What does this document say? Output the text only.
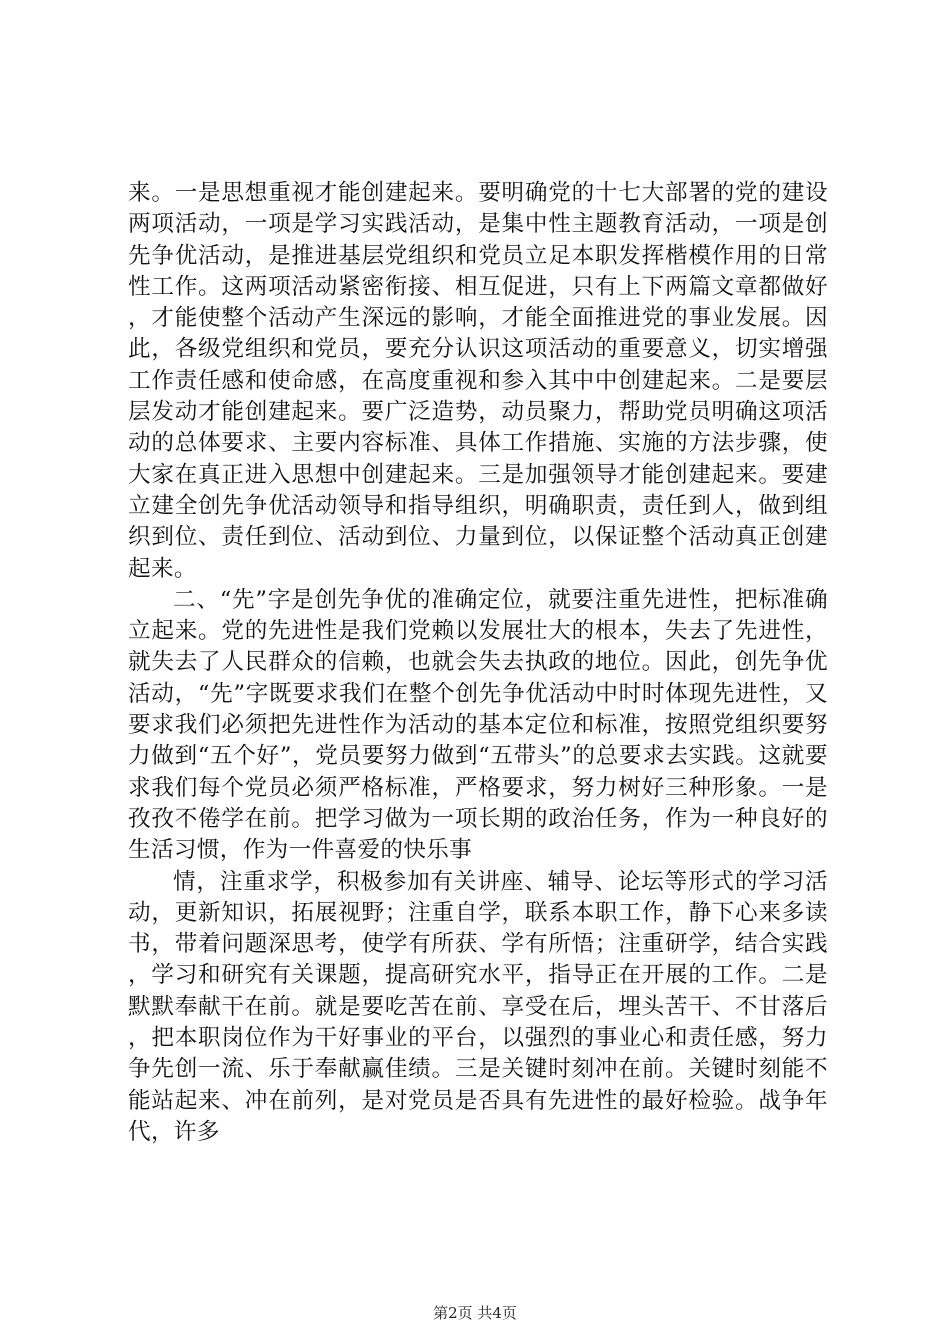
来。一是思想重视才能创建起来。要明确党的十七大部署的党的建设两项活动，一项是学习实践活动，是集中性主题教育活动，一项是创先争优活动，是推进基层党组织和党员立足本职发挥楷模作用的日常性工作。这两项活动紧密衔接、相互促进，只有上下两篇文章都做好，才能使整个活动产生深远的影响，才能全面推进党的事业发展。因此，各级党组织和党员，要充分认识这项活动的重要意义，切实增强工作责任感和使命感，在高度重视和参入其中中创建起来。二是要层层发动才能创建起来。要广泛造势，动员聚力，帮助党员明确这项活动的总体要求、主要内容标准、具体工作措施、实施的方法步骤，使大家在真正进入思想中创建起来。三是加强领导才能创建起来。要建立建全创先争优活动领导和指导组织，明确职责，责任到人，做到组织到位、责任到位、活动到位、力量到位，以保证整个活动真正创建起来。

二、“先”字是创先争优的准确定位，就要注重先进性，把标准确立起来。党的先进性是我们党赖以发展壮大的根本，失去了先进性，就失去了人民群众的信赖，也就会失去执政的地位。因此，创先争优活动，“先”字既要求我们在整个创先争优活动中时时体现先进性，又要求我们必须把先进性作为活动的基本定位和标准，按照党组织要努力做到“五个好”，党员要努力做到“五带头”的总要求去实践。这就要求我们每个党员必须严格标准，严格要求，努力树好三种形象。一是孜孜不倦学在前。把学习做为一项长期的政治任务，作为一种良好的生活习惯，作为一件喜爱的快乐事

情，注重求学，积极参加有关讲座、辅导、论坛等形式的学习活动，更新知识，拓展视野；注重自学，联系本职工作，静下心来多读书，带着问题深思考，使学有所获、学有所悟；注重研学，结合实践，学习和研究有关课题，提高研究水平，指导正在开展的工作。二是默默奉献干在前。就是要吃苦在前、享受在后，埋头苦干、不甘落后，把本职岗位作为干好事业的平台，以强烈的事业心和责任感，努力争先创一流、乐于奉献赢佳绩。三是关键时刻冲在前。关键时刻能不能站起来、冲在前列，是对党员是否具有先进性的最好检验。战争年代，许多

第2页 共4页
